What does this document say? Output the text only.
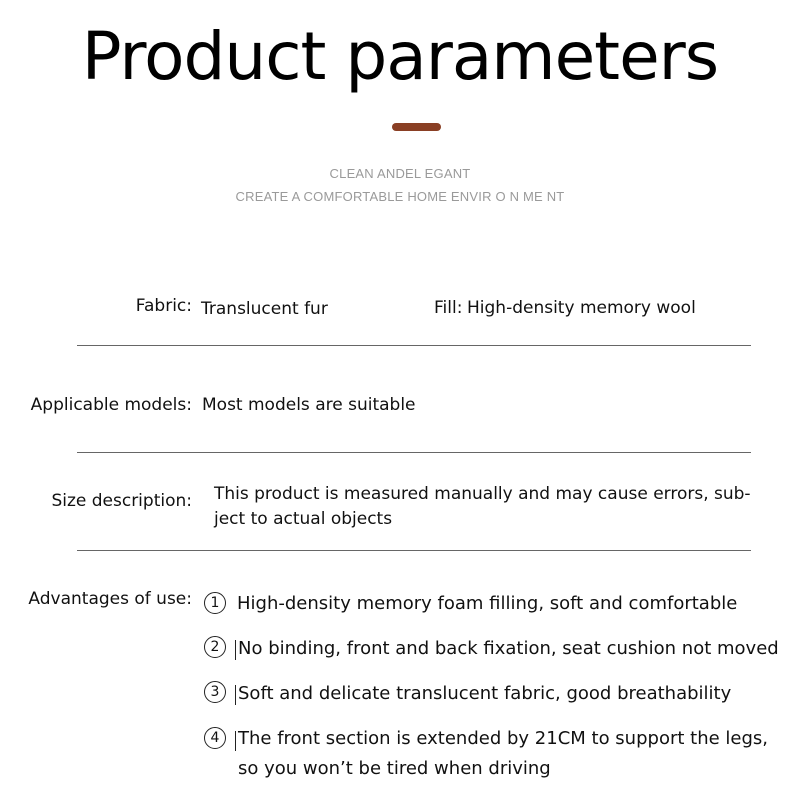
Product parameters
CLEAN ANDEL EGANT
CREATE A COMFORTABLE HOME ENVIR O N ME NT
Fabric: Translucent fur	Fill: High-density memory wool
Applicable models: Most models are suitable
Size description: This product is measured manually and may cause errors, sub-
ject to actual objects
Advantages of use:	1 High-density memory foam filling, soft and comfortable
2	No binding, front and back fixation, seat cushion not moved
3	Soft and delicate translucent fabric, good breathability
4	The front section is extended by 21CM to support the legs, so you won’t be tired when driving
